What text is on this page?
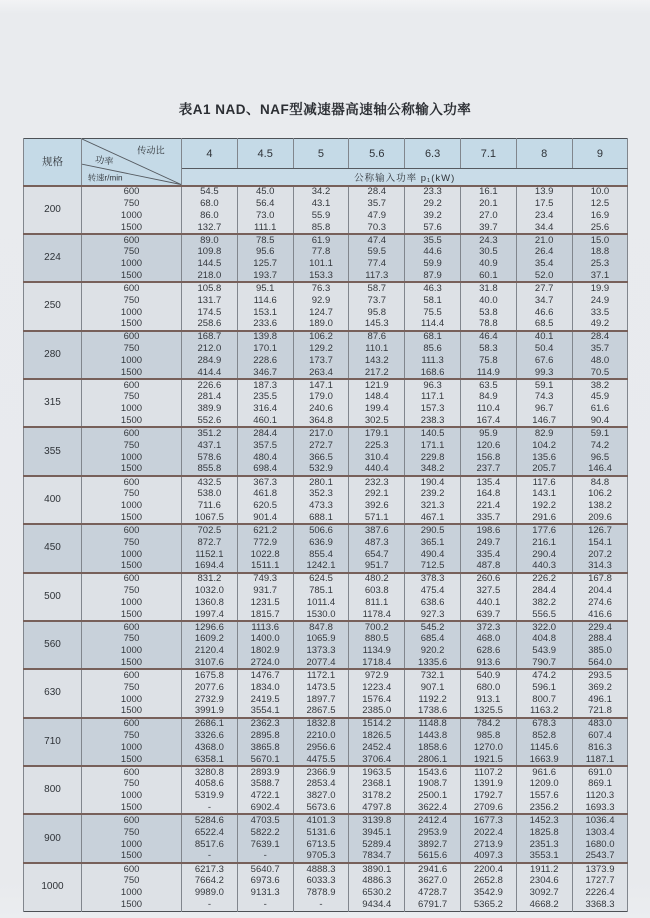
表A1 NAD、NAF型减速器高速轴公称输入功率
规格	传动比
功率
转速r/min	4	4.5	5	5.6	6.3	7.1	8	9
		公称输入功率 p₁(kW)							
200	600	54.5	45.0	34.2	28.4	23.3	16.1	13.9	10.0
	750	68.0	56.4	43.1	35.7	29.2	20.1	17.5	12.5
	1000	86.0	73.0	55.9	47.9	39.2	27.0	23.4	16.9
	1500	132.7	111.1	85.8	70.3	57.6	39.7	34.4	25.6
224	600	89.0	78.5	61.9	47.4	35.5	24.3	21.0	15.0
	750	109.8	95.6	77.8	59.5	44.6	30.5	26.4	18.8
	1000	144.5	125.7	101.1	77.4	59.9	40.9	35.4	25.3
	1500	218.0	193.7	153.3	117.3	87.9	60.1	52.0	37.1
250	600	105.8	95.1	76.3	58.7	46.3	31.8	27.7	19.9
	750	131.7	114.6	92.9	73.7	58.1	40.0	34.7	24.9
	1000	174.5	153.1	124.7	95.8	75.5	53.8	46.6	33.5
	1500	258.6	233.6	189.0	145.3	114.4	78.8	68.5	49.2
280	600	168.7	139.8	106.2	87.6	68.1	46.4	40.1	28.4
	750	212.0	170.1	129.2	110.1	85.6	58.3	50.4	35.7
	1000	284.9	228.6	173.7	143.2	111.3	75.8	67.6	48.0
	1500	414.4	346.7	263.4	217.2	168.6	114.9	99.3	70.5
315	600	226.6	187.3	147.1	121.9	96.3	63.5	59.1	38.2
	750	281.4	235.5	179.0	148.4	117.1	84.9	74.3	45.9
	1000	389.9	316.4	240.6	199.4	157.3	110.4	96.7	61.6
	1500	552.6	460.1	364.8	302.5	238.3	167.4	146.7	90.4
355	600	351.2	284.4	217.0	179.1	140.5	95.9	82.9	59.1
	750	437.1	357.5	272.7	225.3	171.1	120.6	104.2	74.2
	1000	578.6	480.4	366.5	310.4	229.8	156.8	135.6	96.5
	1500	855.8	698.4	532.9	440.4	348.2	237.7	205.7	146.4
400	600	432.5	367.3	280.1	232.3	190.4	135.4	117.6	84.8
	750	538.0	461.8	352.3	292.1	239.2	164.8	143.1	106.2
	1000	711.6	620.5	473.3	392.6	321.3	221.4	192.2	138.2
	1500	1067.5	901.4	688.1	571.1	467.1	335.7	291.6	209.6
450	600	702.5	621.2	506.6	387.6	290.5	198.6	177.6	126.7
	750	872.7	772.9	636.9	487.3	365.1	249.7	216.1	154.1
	1000	1152.1	1022.8	855.4	654.7	490.4	335.4	290.4	207.2
	1500	1694.4	1511.1	1242.1	951.7	712.5	487.8	440.3	314.3
500	600	831.2	749.3	624.5	480.2	378.3	260.6	226.2	167.8
	750	1032.0	931.7	785.1	603.8	475.4	327.5	284.4	204.4
	1000	1360.8	1231.5	1011.4	811.1	638.6	440.1	382.2	274.6
	1500	1997.4	1815.7	1530.0	1178.4	927.3	639.7	556.5	416.6
560	600	1296.6	1113.6	847.8	700.2	545.2	372.3	322.0	229.4
	750	1609.2	1400.0	1065.9	880.5	685.4	468.0	404.8	288.4
	1000	2120.4	1802.9	1373.3	1134.9	920.2	628.6	543.9	385.0
	1500	3107.6	2724.0	2077.4	1718.4	1335.6	913.6	790.7	564.0
630	600	1675.8	1476.7	1172.1	972.9	732.1	540.9	474.2	293.5
	750	2077.6	1834.0	1473.5	1223.4	907.1	680.0	596.1	369.2
	1000	2732.9	2419.5	1897.7	1576.4	1192.2	913.1	800.7	496.1
	1500	3991.9	3554.1	2867.5	2385.0	1738.6	1325.5	1163.2	721.8
710	600	2686.1	2362.3	1832.8	1514.2	1148.8	784.2	678.3	483.0
	750	3326.6	2895.8	2210.0	1826.5	1443.8	985.8	852.8	607.4
	1000	4368.0	3865.8	2956.6	2452.4	1858.6	1270.0	1145.6	816.3
	1500	6358.1	5670.1	4475.5	3706.4	2806.1	1921.5	1663.9	1187.1
800	600	3280.8	2893.9	2366.9	1963.5	1543.6	1107.2	961.6	691.0
	750	4058.6	3588.7	2853.4	2368.1	1908.7	1391.9	1209.0	869.1
	1000	5319.9	4722.1	3827.0	3178.2	2500.1	1792.7	1557.6	1120.3
	1500	-	6902.4	5673.6	4797.8	3622.4	2709.6	2356.2	1693.3
900	600	5284.6	4703.5	4101.3	3139.8	2412.4	1677.3	1452.3	1036.4
	750	6522.4	5822.2	5131.6	3945.1	2953.9	2022.4	1825.8	1303.4
	1000	8517.6	7639.1	6713.5	5289.4	3892.7	2713.9	2351.3	1680.0
	1500	-	-	9705.3	7834.7	5615.6	4097.3	3553.1	2543.7
1000	600	6217.3	5640.7	4888.3	3890.1	2941.6	2200.4	1911.2	1373.9
	750	7664.2	6973.6	6033.3	4886.3	3627.0	2652.8	2304.6	1727.7
	1000	9989.0	9131.3	7878.9	6530.2	4728.7	3542.9	3092.7	2226.4
	1500	-	-	-	9434.4	6791.7	5365.2	4668.2	3368.3
